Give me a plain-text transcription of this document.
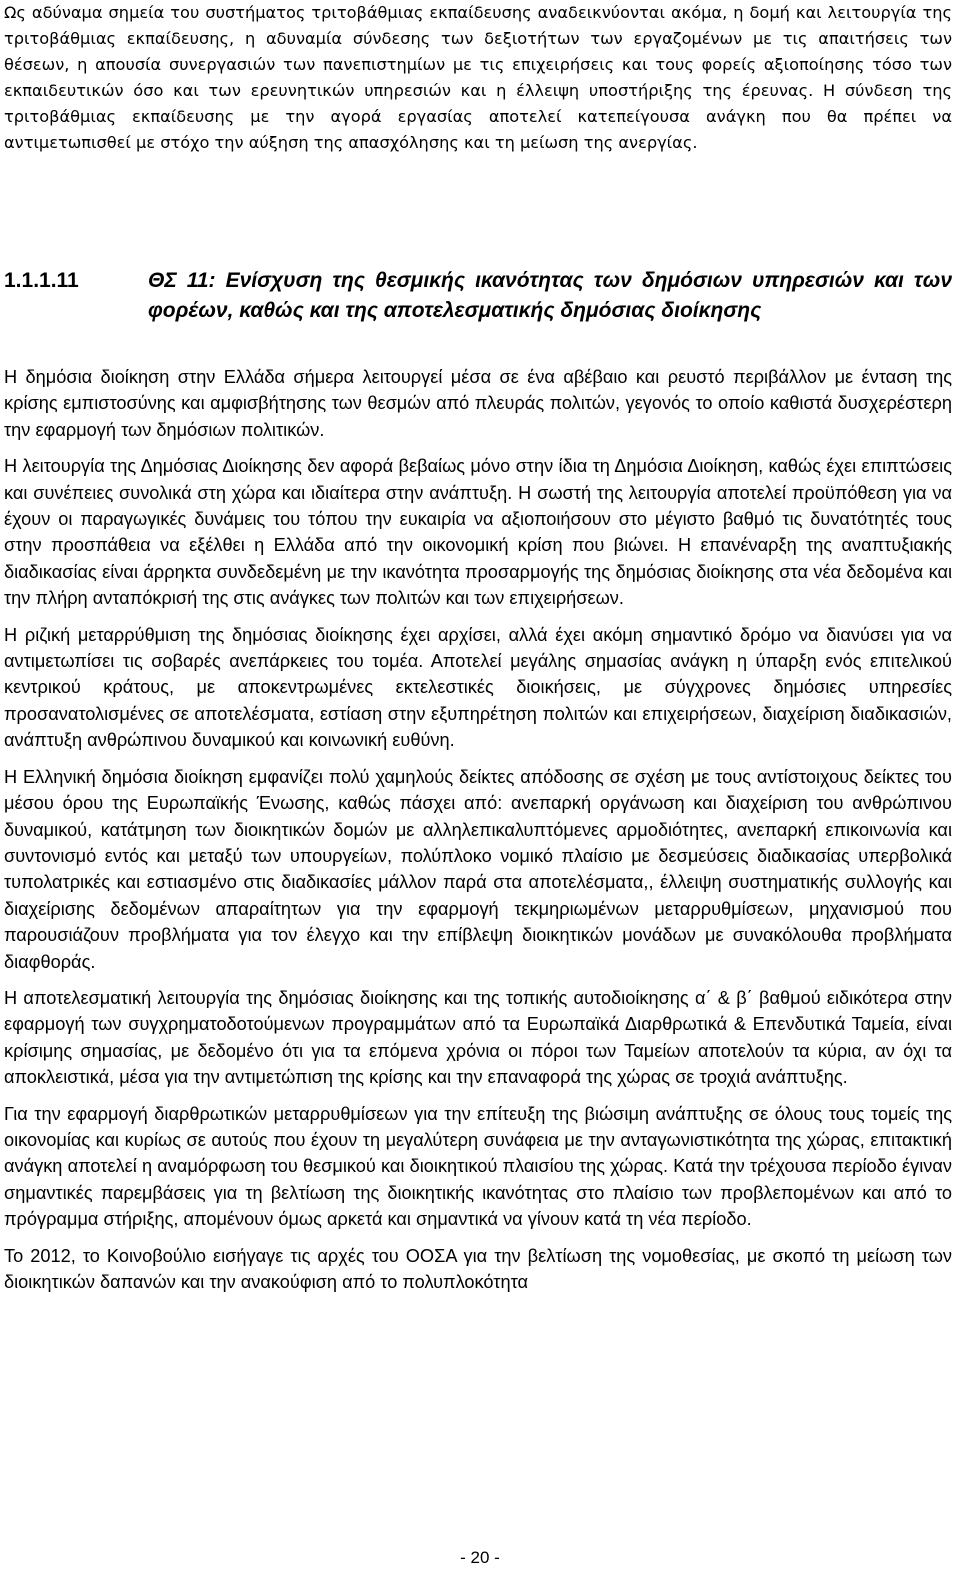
Ως αδύναμα σημεία του συστήματος τριτοβάθμιας εκπαίδευσης αναδεικνύονται ακόμα, η δομή και λειτουργία της τριτοβάθμιας εκπαίδευσης, η αδυναμία σύνδεσης των δεξιοτήτων των εργαζομένων με τις απαιτήσεις των θέσεων, η απουσία συνεργασιών των πανεπιστημίων με τις επιχειρήσεις και τους φορείς αξιοποίησης τόσο των εκπαιδευτικών όσο και των ερευνητικών υπηρεσιών και η έλλειψη υποστήριξης της έρευνας. Η σύνδεση της τριτοβάθμιας εκπαίδευσης με την αγορά εργασίας αποτελεί κατεπείγουσα ανάγκη που θα πρέπει να αντιμετωπισθεί με στόχο την αύξηση της απασχόλησης και τη μείωση της ανεργίας.

1.1.1.11	ΘΣ 11: Ενίσχυση της θεσμικής ικανότητας των δημόσιων υπηρεσιών και των φορέων, καθώς και της αποτελεσματικής δημόσιας διοίκησης

Η δημόσια διοίκηση στην Ελλάδα σήμερα λειτουργεί μέσα σε ένα αβέβαιο και ρευστό περιβάλλον με ένταση της κρίσης εμπιστοσύνης και αμφισβήτησης των θεσμών από πλευράς πολιτών, γεγονός το οποίο καθιστά δυσχερέστερη την εφαρμογή των δημόσιων πολιτικών.

Η λειτουργία της Δημόσιας Διοίκησης δεν αφορά βεβαίως μόνο στην ίδια τη Δημόσια Διοίκηση, καθώς έχει επιπτώσεις και συνέπειες συνολικά στη χώρα και ιδιαίτερα στην ανάπτυξη. Η σωστή της λειτουργία αποτελεί προϋπόθεση για να έχουν οι παραγωγικές δυνάμεις του τόπου την ευκαιρία να αξιοποιήσουν στο μέγιστο βαθμό τις δυνατότητές τους στην προσπάθεια να εξέλθει η Ελλάδα από την οικονομική κρίση που βιώνει. Η επανέναρξη της αναπτυξιακής διαδικασίας είναι άρρηκτα συνδεδεμένη με την ικανότητα προσαρμογής της δημόσιας διοίκησης στα νέα δεδομένα και την πλήρη ανταπόκρισή της στις ανάγκες των πολιτών και των επιχειρήσεων.

Η ριζική μεταρρύθμιση της δημόσιας διοίκησης έχει αρχίσει, αλλά έχει ακόμη σημαντικό δρόμο να διανύσει για να αντιμετωπίσει τις σοβαρές ανεπάρκειες του τομέα. Αποτελεί μεγάλης σημασίας ανάγκη η ύπαρξη ενός επιτελικού κεντρικού κράτους, με αποκεντρωμένες εκτελεστικές διοικήσεις, με σύγχρονες δημόσιες υπηρεσίες προσανατολισμένες σε αποτελέσματα, εστίαση στην εξυπηρέτηση πολιτών και επιχειρήσεων, διαχείριση διαδικασιών, ανάπτυξη ανθρώπινου δυναμικού και κοινωνική ευθύνη.

Η Ελληνική δημόσια διοίκηση εμφανίζει πολύ χαμηλούς δείκτες απόδοσης σε σχέση με τους αντίστοιχους δείκτες του μέσου όρου της Ευρωπαϊκής Ένωσης, καθώς πάσχει από: ανεπαρκή οργάνωση και διαχείριση του ανθρώπινου δυναμικού, κατάτμηση των διοικητικών δομών με αλληλεπικαλυπτόμενες αρμοδιότητες, ανεπαρκή επικοινωνία και συντονισμό εντός και μεταξύ των υπουργείων, πολύπλοκο νομικό πλαίσιο με δεσμεύσεις διαδικασίας υπερβολικά τυπολατρικές και εστιασμένο στις διαδικασίες μάλλον παρά στα αποτελέσματα,, έλλειψη συστηματικής συλλογής και διαχείρισης δεδομένων απαραίτητων για την εφαρμογή τεκμηριωμένων μεταρρυθμίσεων, μηχανισμού που παρουσιάζουν προβλήματα για τον έλεγχο και την επίβλεψη διοικητικών μονάδων με συνακόλουθα προβλήματα διαφθοράς.

Η αποτελεσματική λειτουργία της δημόσιας διοίκησης και της τοπικής αυτοδιοίκησης α΄ & β΄ βαθμού ειδικότερα στην εφαρμογή των συγχρηματοδοτούμενων προγραμμάτων από τα Ευρωπαϊκά Διαρθρωτικά & Επενδυτικά Ταμεία, είναι κρίσιμης σημασίας, με δεδομένο ότι για τα επόμενα χρόνια οι πόροι των Ταμείων αποτελούν τα κύρια, αν όχι τα αποκλειστικά, μέσα για την αντιμετώπιση της κρίσης και την επαναφορά της χώρας σε τροχιά ανάπτυξης.

Για την εφαρμογή διαρθρωτικών μεταρρυθμίσεων για την επίτευξη της βιώσιμη ανάπτυξης σε όλους τους τομείς της οικονομίας και κυρίως σε αυτούς που έχουν τη μεγαλύτερη συνάφεια με την ανταγωνιστικότητα της χώρας, επιτακτική ανάγκη αποτελεί η αναμόρφωση του θεσμικού και διοικητικού πλαισίου της χώρας. Κατά την τρέχουσα περίοδο έγιναν σημαντικές παρεμβάσεις για τη βελτίωση της διοικητικής ικανότητας στο πλαίσιο των προβλεπομένων και από το πρόγραμμα στήριξης, απομένουν όμως αρκετά και σημαντικά να γίνουν κατά τη νέα περίοδο.

Το 2012, το Κοινοβούλιο εισήγαγε τις αρχές του ΟΟΣΑ για την βελτίωση της νομοθεσίας, με σκοπό τη μείωση των διοικητικών δαπανών και την ανακούφιση από το πολυπλοκότητα

- 20 -
